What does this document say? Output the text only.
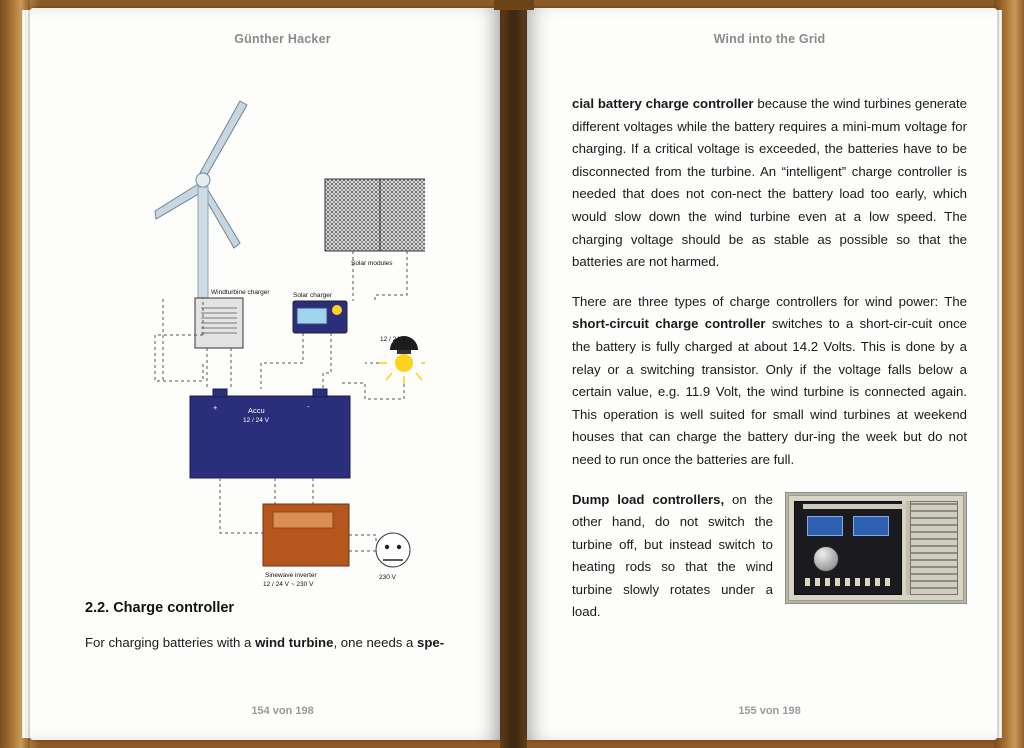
Günther Hacker
154 von 198
Windturbine charger	Solar charger
Solar modules
12 / 24 V
Accu
12 / 24 V
+	-
Sinewave inverter
12 / 24 V ~ 230 V
230 V
2.2. Charge controller

For charging batteries with a wind turbine, one needs a spe-

Wind into the Grid

cial battery charge controller because the wind turbines generate different voltages while the battery requires a mini-mum voltage for charging. If a critical voltage is exceeded, the batteries have to be disconnected from the turbine. An “intelligent” charge controller is needed that does not con-nect the battery load too early, which would slow down the wind turbine even at a low speed. The charging voltage should be as stable as possible so that the batteries are not harmed.

There are three types of charge controllers for wind power: The short-circuit charge controller switches to a short-cir-cuit once the battery is fully charged at about 14.2 Volts. This is done by a relay or a switching transistor. Only if the voltage falls below a certain value, e.g. 11.9 Volt, the wind turbine is connected again. This operation is well suited for small wind turbines at weekend houses that can charge the battery dur-ing the week but do not need to run once the batteries are full.

Dump load controllers, on the other hand, do not switch the turbine off, but instead switch to heating rods so that the wind turbine slowly rotates under a load.

155 von 198
